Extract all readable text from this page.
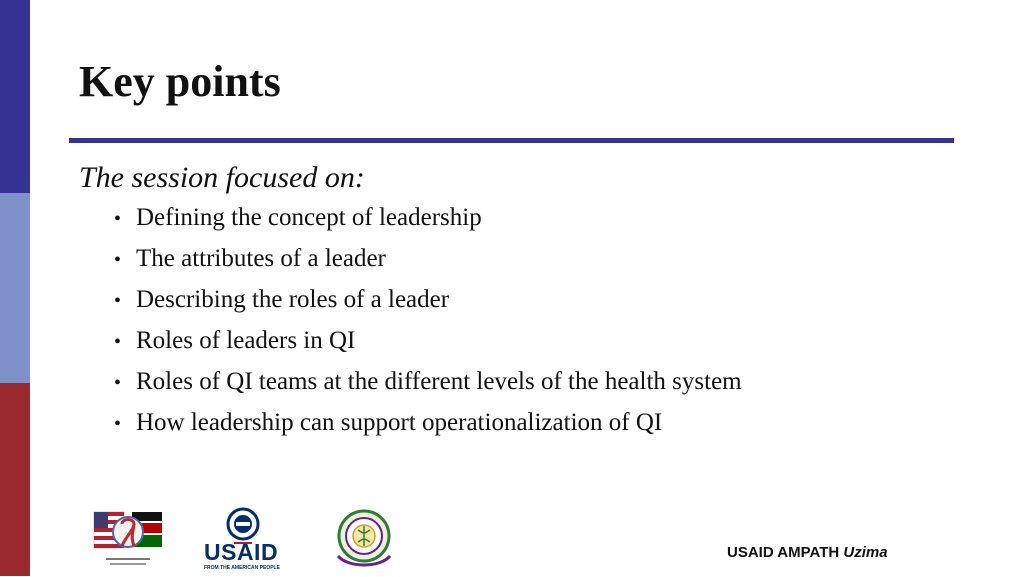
Key points
The session focused on:
• Defining the concept of leadership
• The attributes of a leader
• Describing the roles of a leader
• Roles of leaders in QI
• Roles of QI teams at the different levels of the health system
• How leadership can support operationalization of QI
USAID
FROM THE AMERICAN PEOPLE
USAID AMPATH Uzima
